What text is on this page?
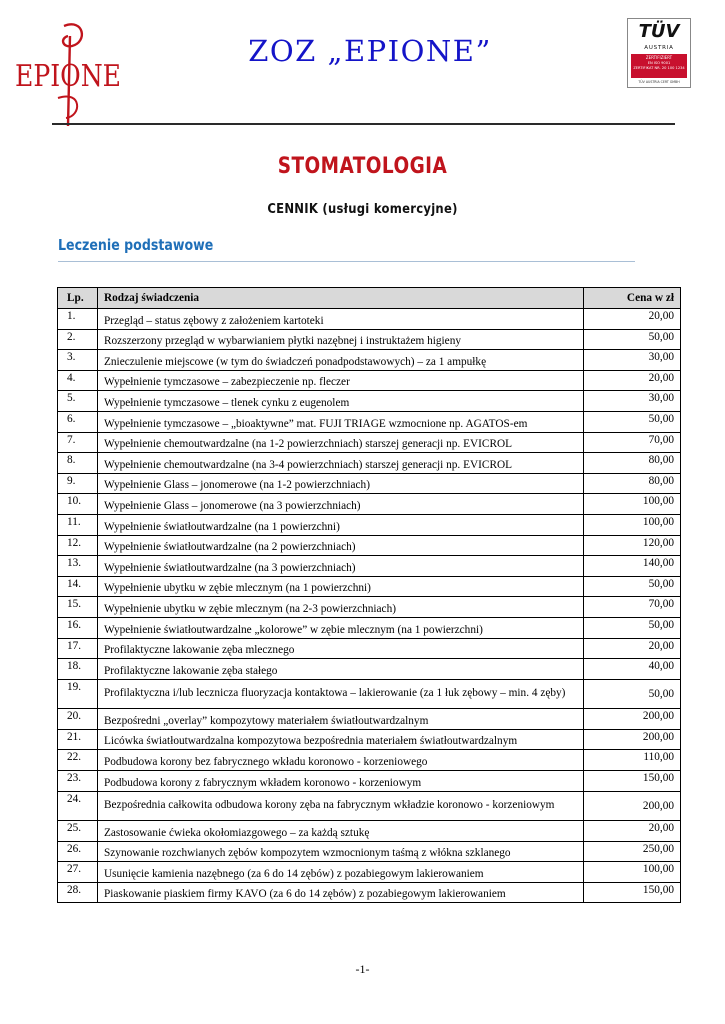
EPIONE
ZOZ „EPIONE”
TÜV
AUSTRIA
ZERTIFIZIERT
EN ISO 9001
ZERTIFIKAT NR. 20 100 1234
TÜV AUSTRIA CERT GMBH
STOMATOLOGIA
CENNIK (usługi komercyjne)
Leczenie podstawowe
Lp.	Rodzaj świadczenia	Cena w zł
1.	Przegląd – status zębowy z założeniem kartoteki	20,00
2.	Rozszerzony przegląd w wybarwianiem płytki nazębnej i instruktażem higieny	50,00
3.	Znieczulenie miejscowe (w tym do świadczeń ponadpodstawowych) – za 1 ampułkę	30,00
4.	Wypełnienie tymczasowe – zabezpieczenie np. fleczer	20,00
5.	Wypełnienie tymczasowe – tlenek cynku z eugenolem	30,00
6.	Wypełnienie tymczasowe – „bioaktywne” mat. FUJI TRIAGE wzmocnione np. AGATOS-em	50,00
7.	Wypełnienie chemoutwardzalne (na 1-2 powierzchniach) starszej generacji np. EVICROL	70,00
8.	Wypełnienie chemoutwardzalne (na 3-4 powierzchniach) starszej generacji np. EVICROL	80,00
9.	Wypełnienie Glass – jonomerowe (na 1-2 powierzchniach)	80,00
10.	Wypełnienie Glass – jonomerowe (na 3 powierzchniach)	100,00
11.	Wypełnienie światłoutwardzalne (na 1 powierzchni)	100,00
12.	Wypełnienie światłoutwardzalne (na 2 powierzchniach)	120,00
13.	Wypełnienie światłoutwardzalne (na 3 powierzchniach)	140,00
14.	Wypełnienie ubytku w zębie mlecznym (na 1 powierzchni)	50,00
15.	Wypełnienie ubytku w zębie mlecznym (na 2-3 powierzchniach)	70,00
16.	Wypełnienie światłoutwardzalne „kolorowe” w zębie mlecznym (na 1 powierzchni)	50,00
17.	Profilaktyczne lakowanie zęba mlecznego	20,00
18.	Profilaktyczne lakowanie zęba stałego	40,00
19.	Profilaktyczna i/lub lecznicza fluoryzacja kontaktowa – lakierowanie (za 1 łuk zębowy – min. 4 zęby)	50,00
20.	Bezpośredni „overlay” kompozytowy materiałem światłoutwardzalnym	200,00
21.	Licówka światłoutwardzalna kompozytowa bezpośrednia materiałem światłoutwardzalnym	200,00
22.	Podbudowa korony bez fabrycznego wkładu koronowo - korzeniowego	110,00
23.	Podbudowa korony z fabrycznym wkładem koronowo - korzeniowym	150,00
24.	Bezpośrednia całkowita odbudowa korony zęba na fabrycznym wkładzie koronowo - korzeniowym	200,00
25.	Zastosowanie ćwieka okołomiazgowego – za każdą sztukę	20,00
26.	Szynowanie rozchwianych zębów kompozytem wzmocnionym taśmą z włókna szklanego	250,00
27.	Usunięcie kamienia nazębnego (za 6 do 14 zębów) z pozabiegowym lakierowaniem	100,00
28.	Piaskowanie piaskiem firmy KAVO (za 6 do 14 zębów) z pozabiegowym lakierowaniem	150,00
-1-
